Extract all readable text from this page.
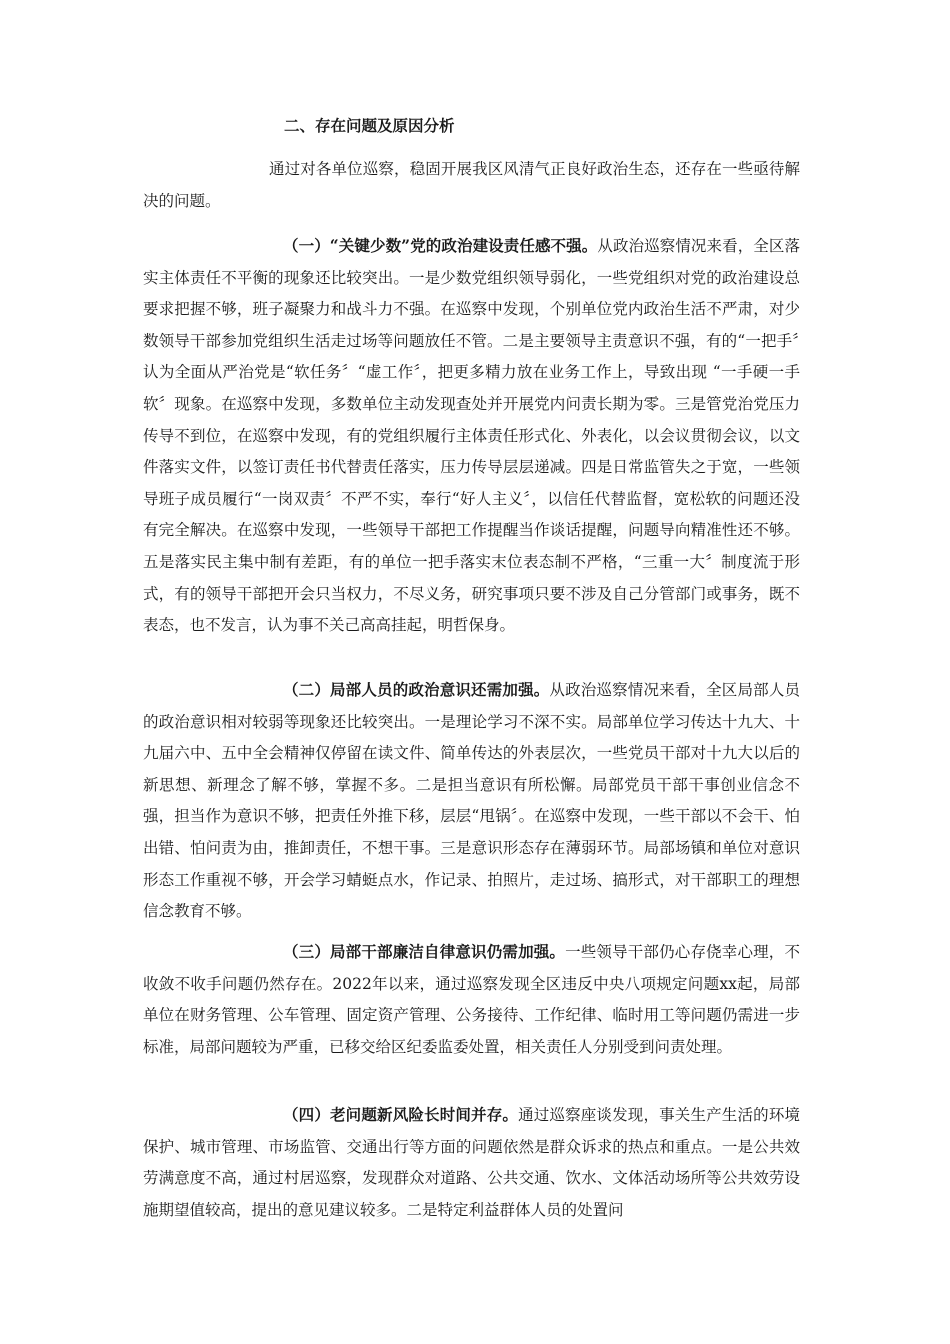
二、存在问题及原因分析

通过对各单位巡察，稳固开展我区风清气正良好政治生态，还存在一些亟待解决的问题。

（一）“关键少数”党的政治建设责任感不强。从政治巡察情况来看，全区落实主体责任不平衡的现象还比较突出。一是少数党组织领导弱化，一些党组织对党的政治建设总要求把握不够，班子凝聚力和战斗力不强。在巡察中发现，个别单位党内政治生活不严肃，对少数领导干部参加党组织生活走过场等问题放任不管。二是主要领导主责意识不强，有的“一把手〞认为全面从严治党是“软任务〞“虚工作〞，把更多精力放在业务工作上，导致出现 “一手硬一手软〞现象。在巡察中发现，多数单位主动发现查处并开展党内问责长期为零。三是管党治党压力传导不到位，在巡察中发现，有的党组织履行主体责任形式化、外表化，以会议贯彻会议，以文件落实文件，以签订责任书代替责任落实，压力传导层层递减。四是日常监管失之于宽，一些领导班子成员履行“一岗双责〞不严不实，奉行“好人主义〞，以信任代替监督，宽松软的问题还没有完全解决。在巡察中发现，一些领导干部把工作提醒当作谈话提醒，问题导向精准性还不够。五是落实民主集中制有差距，有的单位一把手落实末位表态制不严格，“三重一大〞制度流于形式，有的领导干部把开会只当权力，不尽义务，研究事项只要不涉及自己分管部门或事务，既不表态，也不发言，认为事不关己高高挂起，明哲保身。

（二）局部人员的政治意识还需加强。从政治巡察情况来看，全区局部人员的政治意识相对较弱等现象还比较突出。一是理论学习不深不实。局部单位学习传达十九大、十九届六中、五中全会精神仅停留在读文件、简单传达的外表层次，一些党员干部对十九大以后的新思想、新理念了解不够，掌握不多。二是担当意识有所松懈。局部党员干部干事创业信念不强，担当作为意识不够，把责任外推下移，层层“甩锅〞。在巡察中发现，一些干部以不会干、怕出错、怕问责为由，推卸责任，不想干事。三是意识形态存在薄弱环节。局部场镇和单位对意识形态工作重视不够，开会学习蜻蜓点水，作记录、拍照片，走过场、搞形式，对干部职工的理想信念教育不够。

（三）局部干部廉洁自律意识仍需加强。一些领导干部仍心存侥幸心理，不收敛不收手问题仍然存在。2022年以来，通过巡察发现全区违反中央八项规定问题xx起，局部单位在财务管理、公车管理、固定资产管理、公务接待、工作纪律、临时用工等问题仍需进一步标准，局部问题较为严重，已移交给区纪委监委处置，相关责任人分别受到问责处理。

（四）老问题新风险长时间并存。通过巡察座谈发现，事关生产生活的环境保护、城市管理、市场监管、交通出行等方面的问题依然是群众诉求的热点和重点。一是公共效劳满意度不高，通过村居巡察，发现群众对道路、公共交通、饮水、文体活动场所等公共效劳设施期望值较高，提出的意见建议较多。二是特定利益群体人员的处置问
